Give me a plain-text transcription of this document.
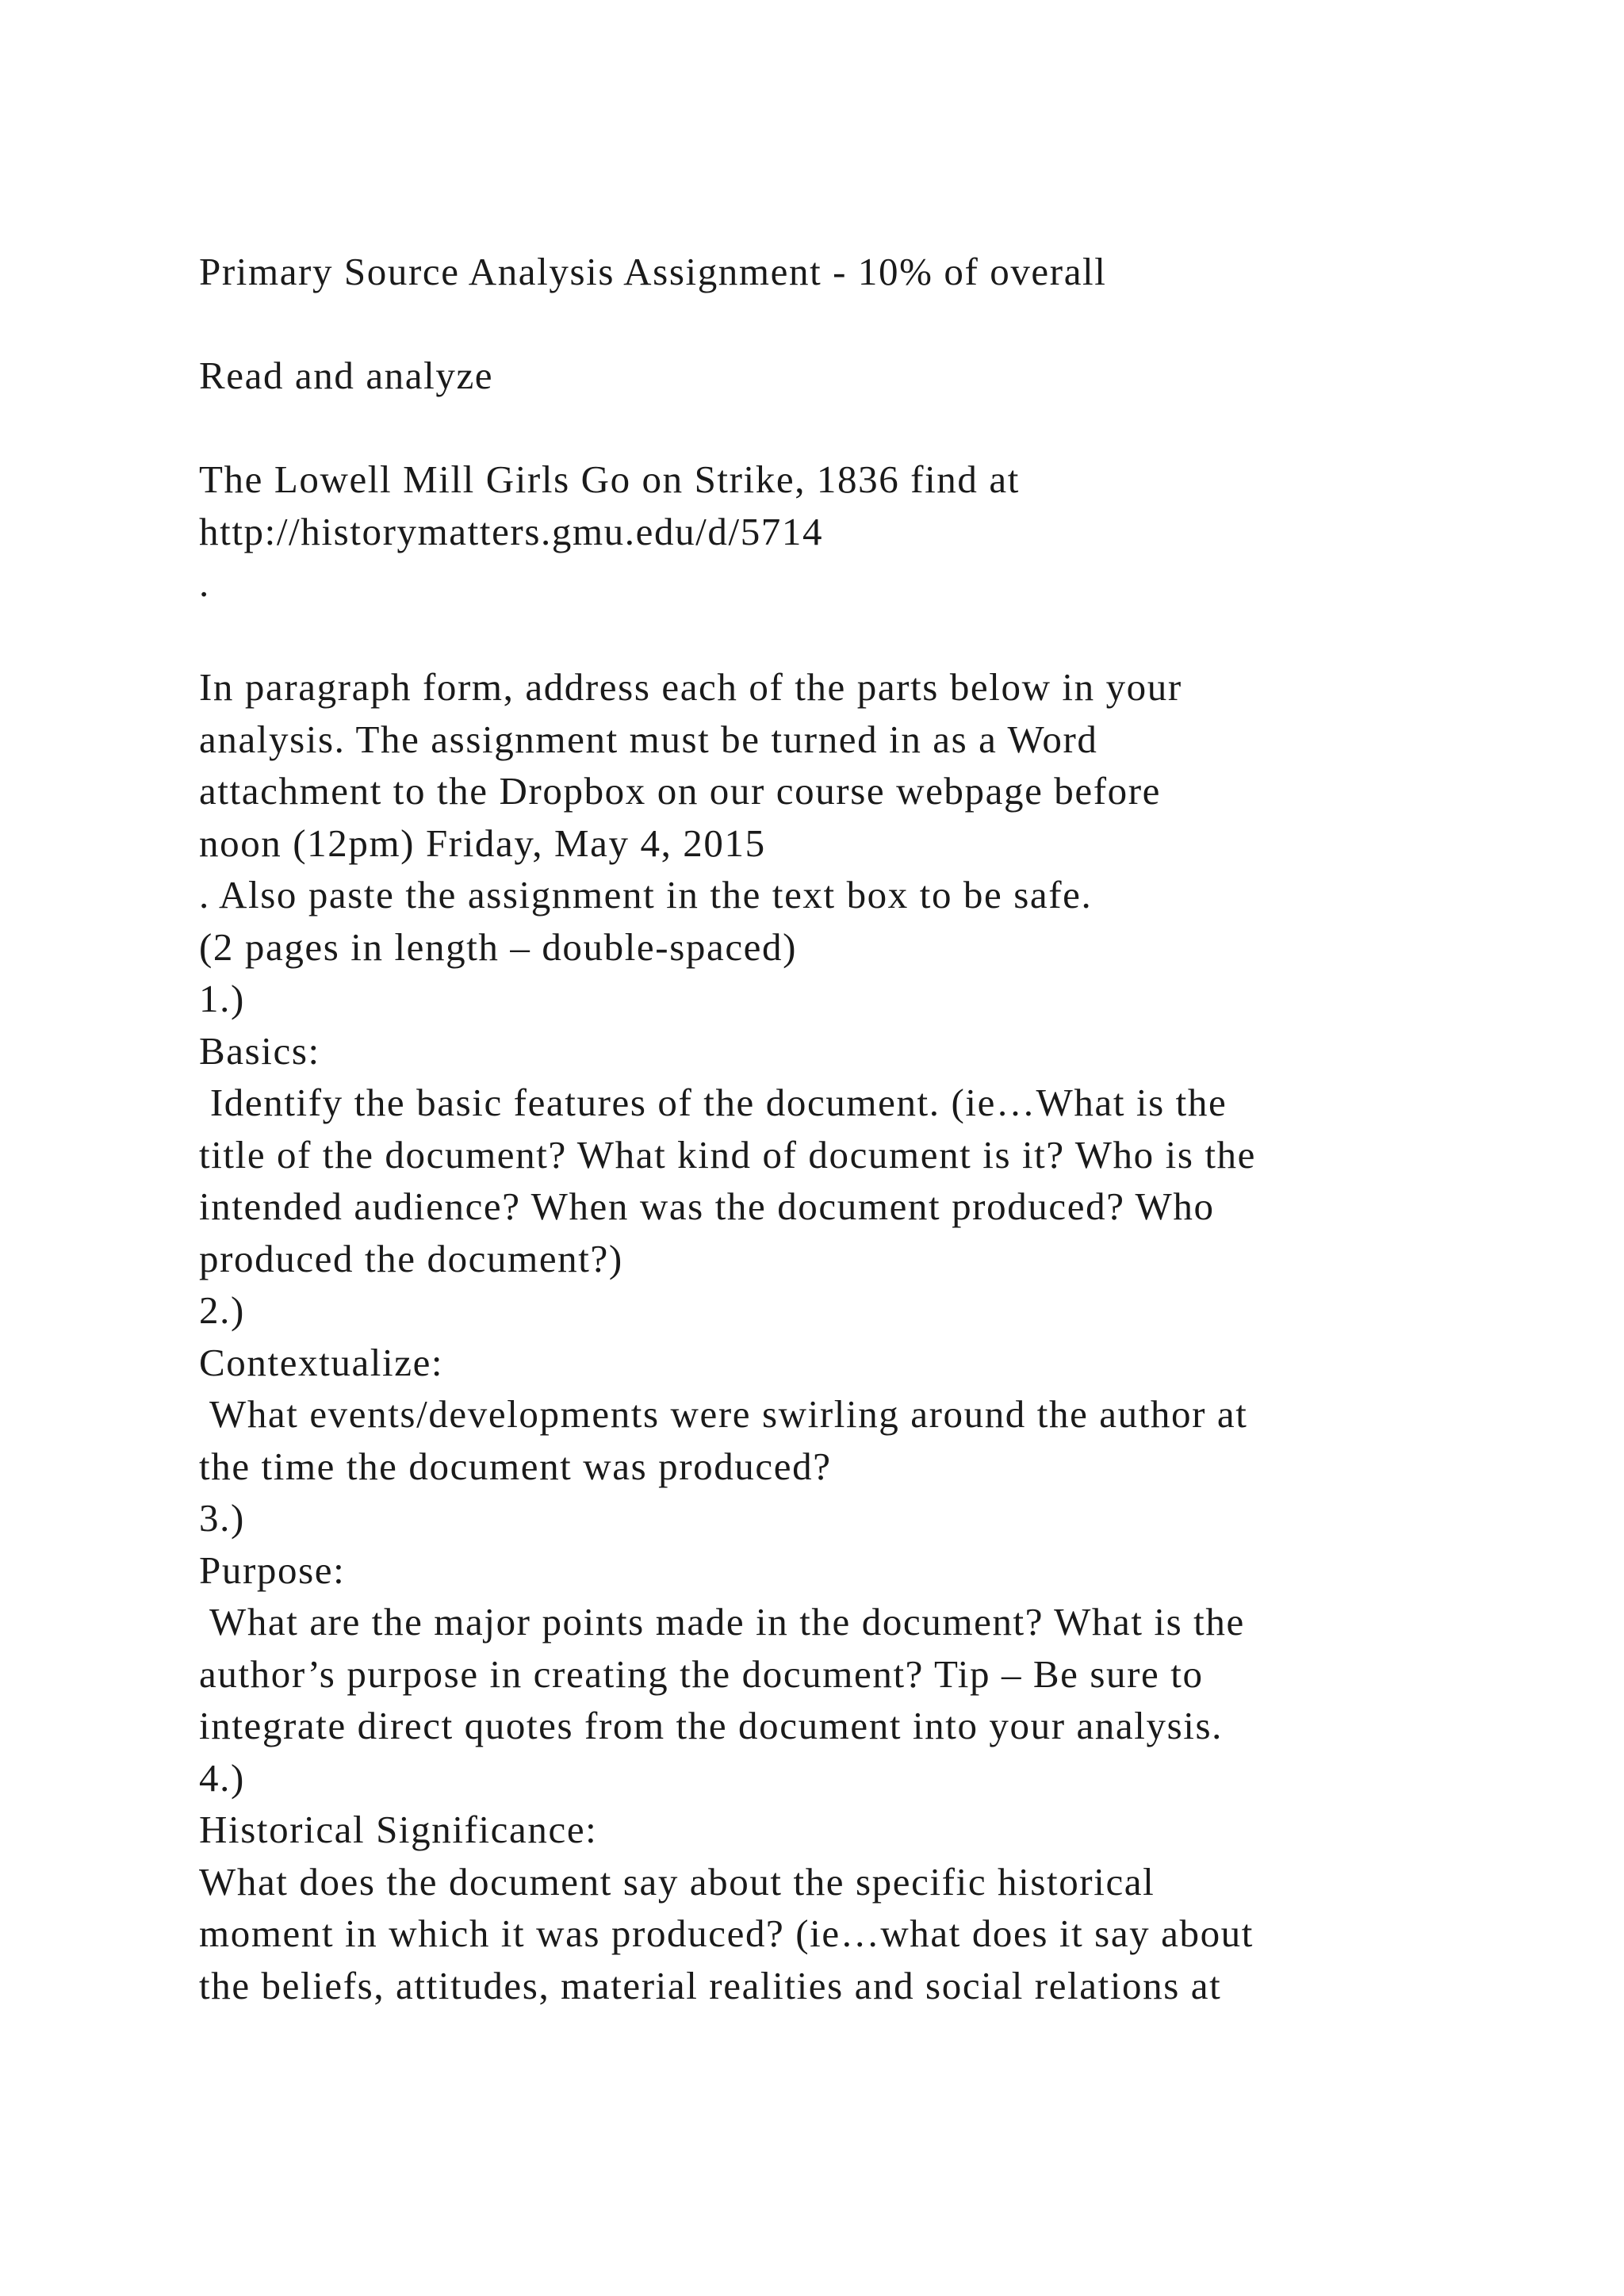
Primary Source Analysis Assignment - 10% of overall
Read and analyze
The Lowell Mill Girls Go on Strike, 1836 find at
http://historymatters.gmu.edu/d/5714
.
In paragraph form, address each of the parts below in your
analysis. The assignment must be turned in as a Word
attachment to the Dropbox on our course webpage before
noon (12pm) Friday, May 4, 2015
. Also paste the assignment in the text box to be safe.
(2 pages in length – double-spaced)
1.)
Basics:
Identify the basic features of the document. (ie…What is the
title of the document? What kind of document is it? Who is the
intended audience? When was the document produced? Who
produced the document?)
2.)
Contextualize:
What events/developments were swirling around the author at
the time the document was produced?
3.)
Purpose:
What are the major points made in the document? What is the
author’s purpose in creating the document? Tip – Be sure to
integrate direct quotes from the document into your analysis.
4.)
Historical Significance:
What does the document say about the specific historical
moment in which it was produced? (ie…what does it say about
the beliefs, attitudes, material realities and social relations at
